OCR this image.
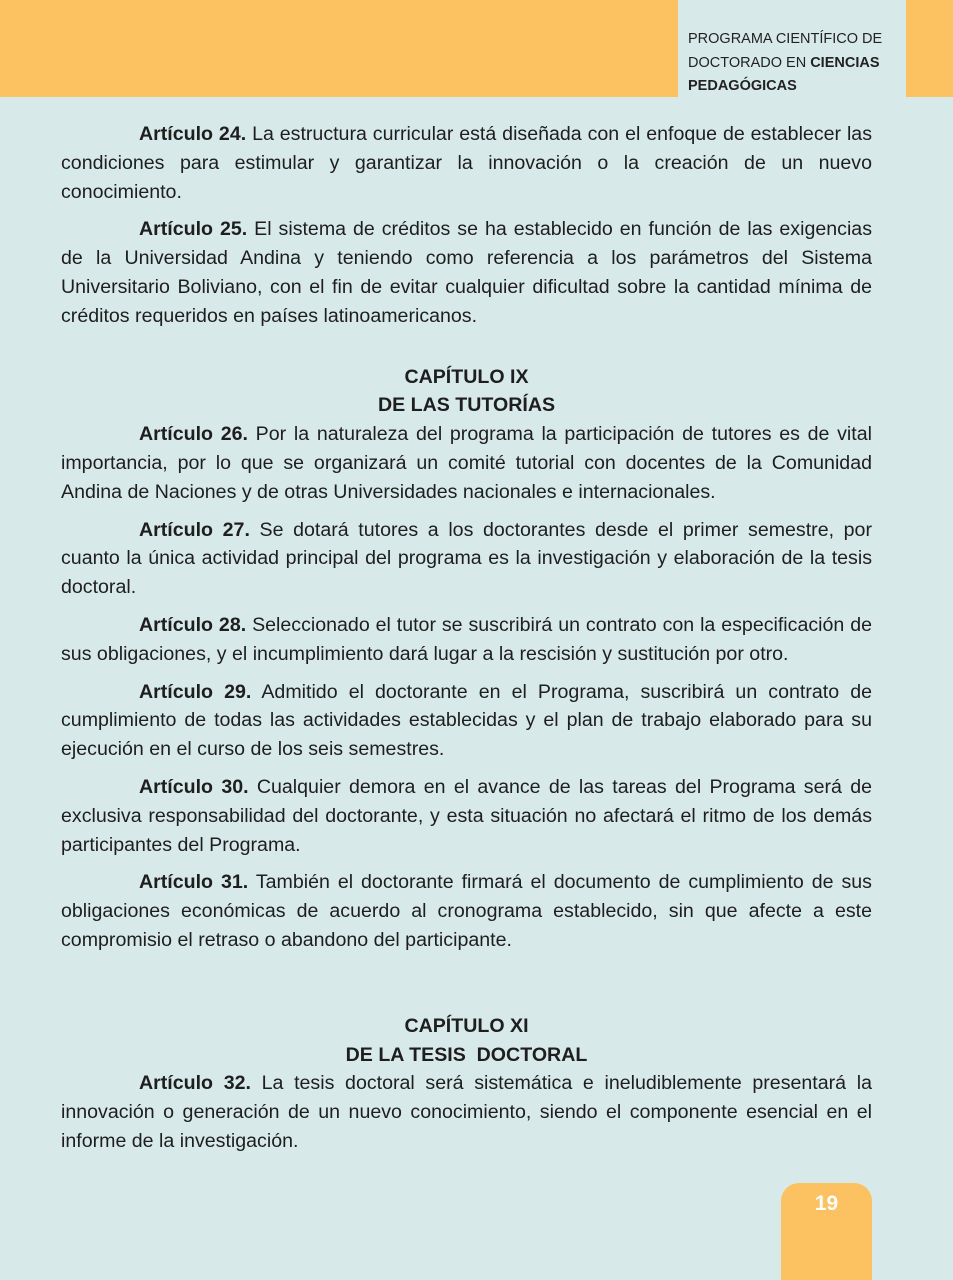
PROGRAMA CIENTÍFICO DE
DOCTORADO EN CIENCIAS
PEDAGÓGICAS

Artículo 24. La estructura curricular está diseñada con el enfoque de establecer las condiciones para estimular y garantizar la innovación o la creación de un nuevo conocimiento.

Artículo 25. El sistema de créditos se ha establecido en función de las exigencias de la Universidad Andina y teniendo como referencia a los parámetros del Sistema Universitario Boliviano, con el fin de evitar cualquier dificultad sobre la cantidad mínima de créditos requeridos en países latinoamericanos.

CAPÍTULO IX
DE LAS TUTORÍAS

Artículo 26. Por la naturaleza del programa la participación de tutores es de vital importancia, por lo que se organizará un comité tutorial con docentes de la Comunidad Andina de Naciones y de otras Universidades nacionales e internacionales.

Artículo 27. Se dotará tutores a los doctorantes desde el primer semestre, por cuanto la única actividad principal del programa es la investigación y elaboración de la tesis doctoral.

Artículo 28. Seleccionado el tutor se suscribirá un contrato con la especificación de sus obligaciones, y el incumplimiento dará lugar a la rescisión y sustitución por otro.

Artículo 29. Admitido el doctorante en el Programa, suscribirá un contrato de cumplimiento de todas las actividades establecidas y el plan de trabajo elaborado para su ejecución en el curso de los seis semestres.

Artículo 30. Cualquier demora en el avance de las tareas del Programa será de exclusiva responsabilidad del doctorante, y esta situación no afectará el ritmo de los demás participantes del Programa.

Artículo 31. También el doctorante firmará el documento de cumplimiento de sus obligaciones económicas de acuerdo al cronograma establecido, sin que afecte a este compromisio el retraso o abandono del participante.

CAPÍTULO XI
DE LA TESIS  DOCTORAL

Artículo 32. La tesis doctoral será sistemática e ineludiblemente presentará la innovación o generación de un nuevo conocimiento, siendo el componente esencial en el informe de la investigación.

19
